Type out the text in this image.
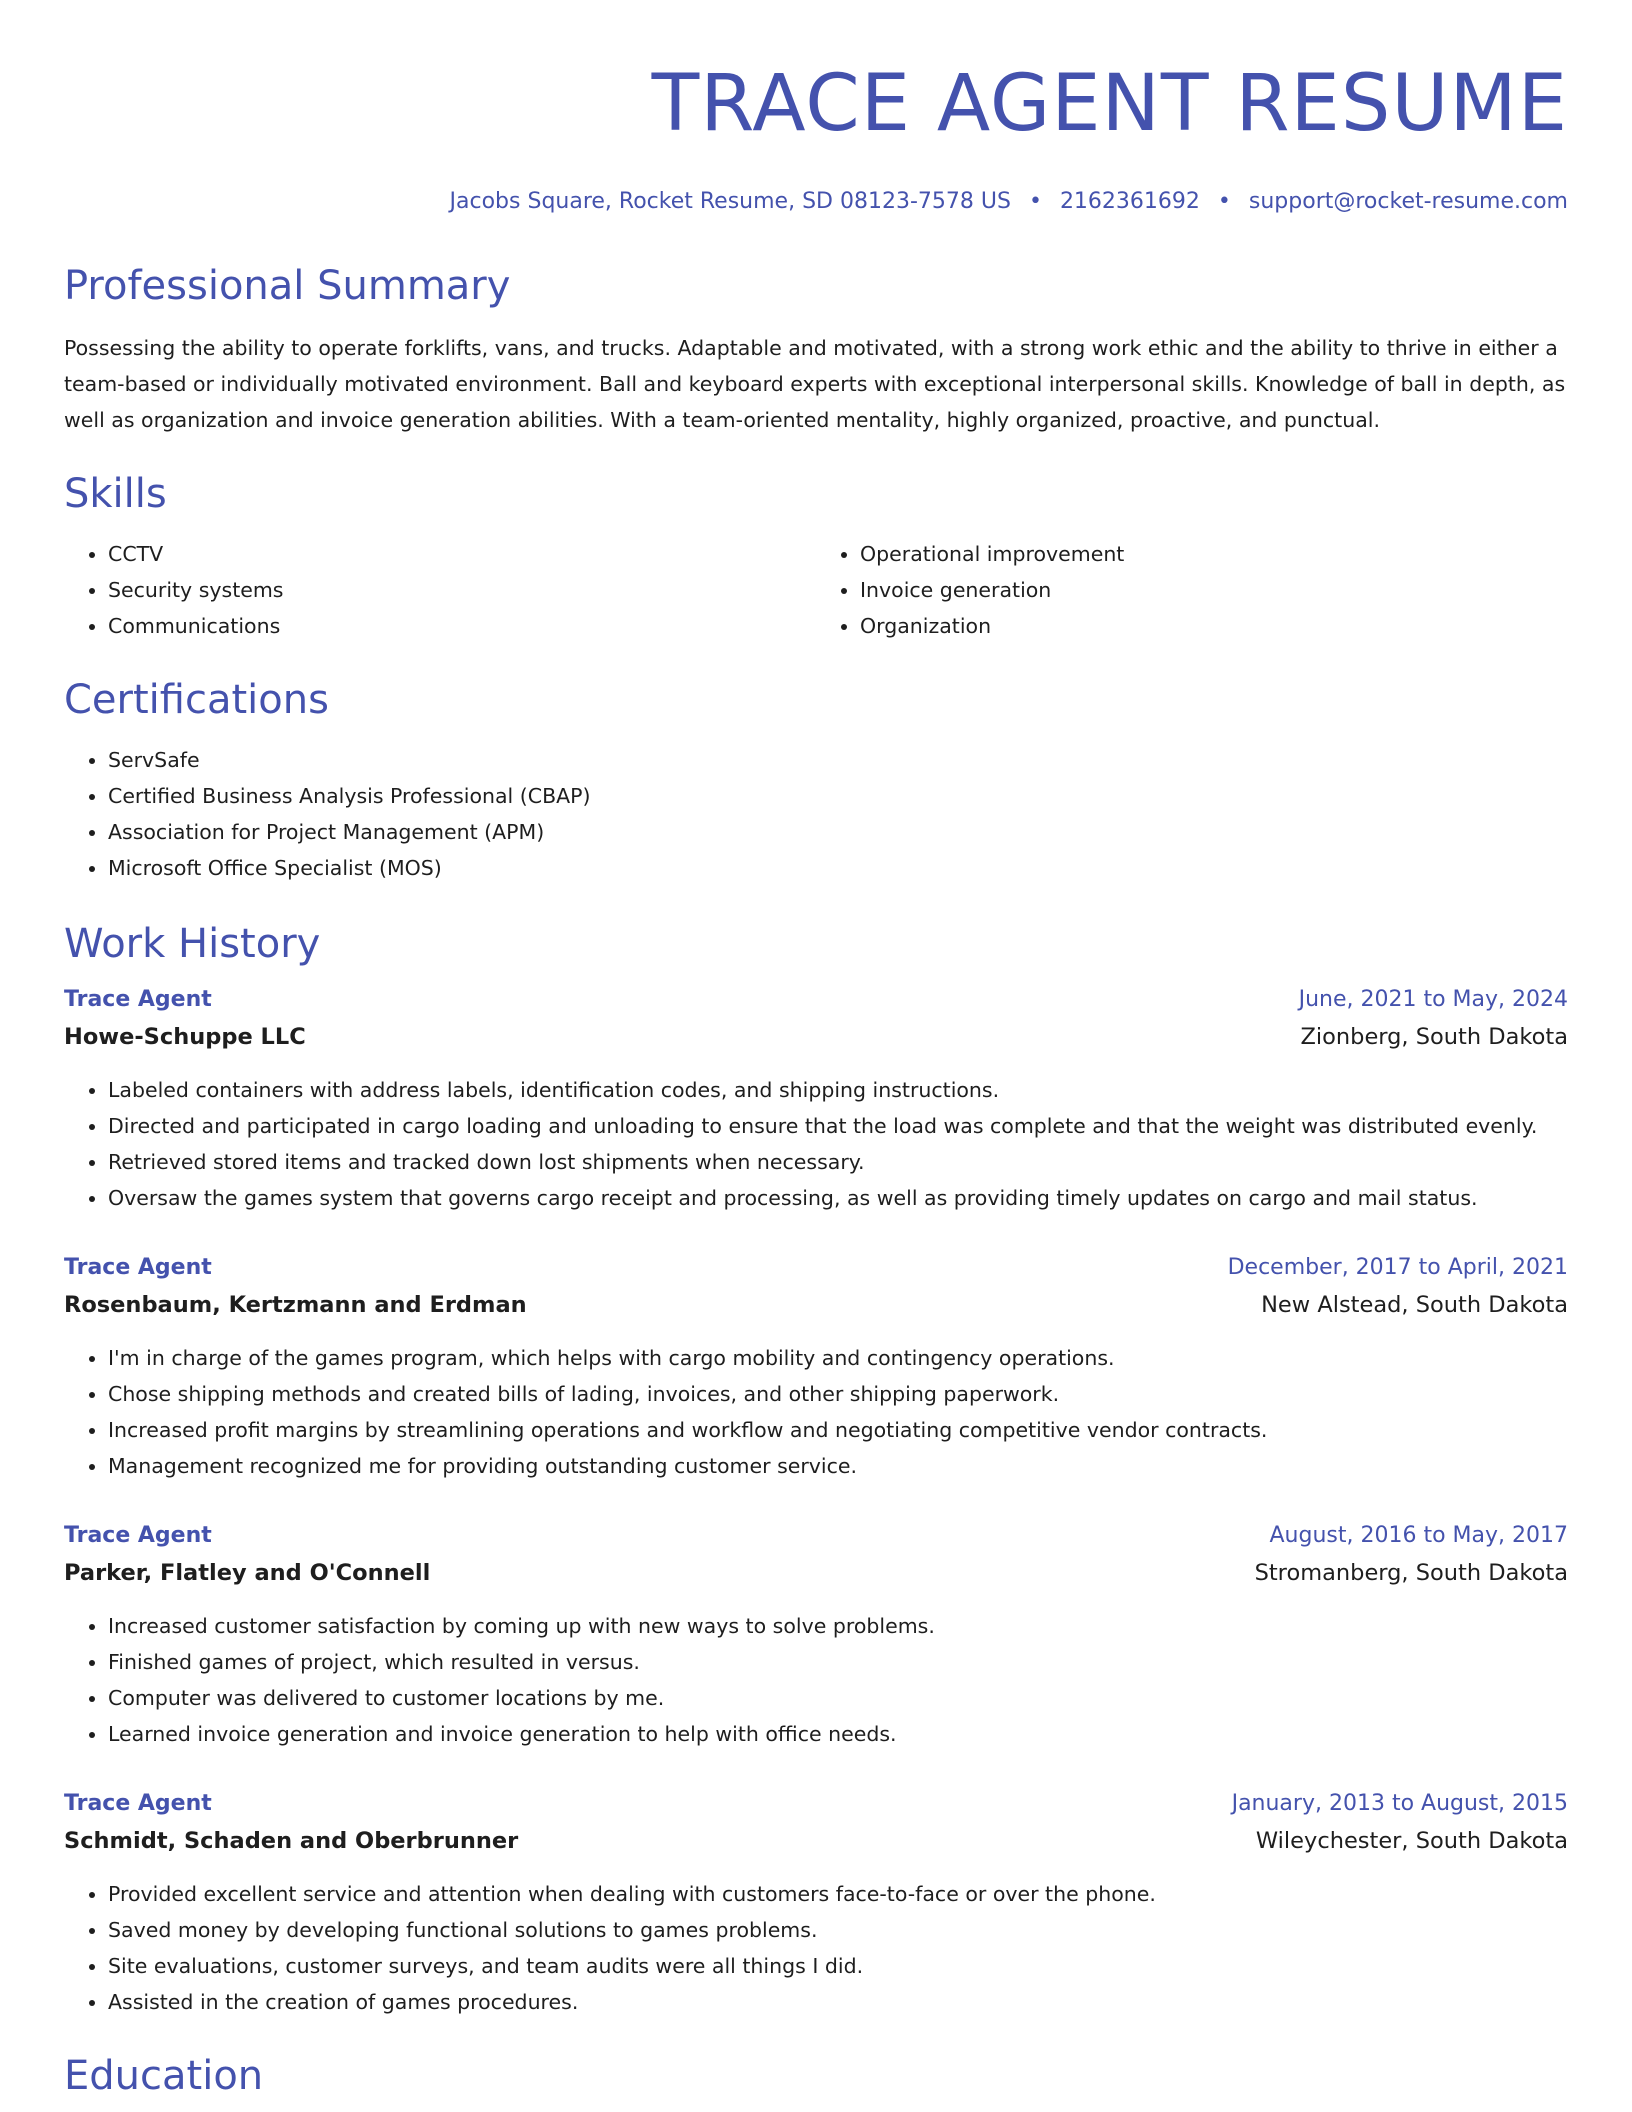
TRACE AGENT RESUME
Jacobs Square, Rocket Resume, SD 08123-7578 US • 2162361692 • support@rocket-resume.com
Professional Summary

Possessing the ability to operate forklifts, vans, and trucks. Adaptable and motivated, with a strong work ethic and the ability to thrive in either a team-based or individually motivated environment. Ball and keyboard experts with exceptional interpersonal skills. Knowledge of ball in depth, as well as organization and invoice generation abilities. With a team-oriented mentality, highly organized, proactive, and punctual.

Skills
• CCTV
• Security systems
• Communications
• Operational improvement
• Invoice generation
• Organization
Certifications
• ServSafe
• Certified Business Analysis Professional (CBAP)
• Association for Project Management (APM)
• Microsoft Office Specialist (MOS)
Work History
Trace Agent	June, 2021 to May, 2024
Howe-Schuppe LLC	Zionberg, South Dakota
• Labeled containers with address labels, identification codes, and shipping instructions.
• Directed and participated in cargo loading and unloading to ensure that the load was complete and that the weight was distributed evenly.
• Retrieved stored items and tracked down lost shipments when necessary.
• Oversaw the games system that governs cargo receipt and processing, as well as providing timely updates on cargo and mail status.
Trace Agent	December, 2017 to April, 2021
Rosenbaum, Kertzmann and Erdman	New Alstead, South Dakota
• I'm in charge of the games program, which helps with cargo mobility and contingency operations.
• Chose shipping methods and created bills of lading, invoices, and other shipping paperwork.
• Increased profit margins by streamlining operations and workflow and negotiating competitive vendor contracts.
• Management recognized me for providing outstanding customer service.
Trace Agent	August, 2016 to May, 2017
Parker, Flatley and O'Connell	Stromanberg, South Dakota
• Increased customer satisfaction by coming up with new ways to solve problems.
• Finished games of project, which resulted in versus.
• Computer was delivered to customer locations by me.
• Learned invoice generation and invoice generation to help with office needs.
Trace Agent	January, 2013 to August, 2015
Schmidt, Schaden and Oberbrunner	Wileychester, South Dakota
• Provided excellent service and attention when dealing with customers face-to-face or over the phone.
• Saved money by developing functional solutions to games problems.
• Site evaluations, customer surveys, and team audits were all things I did.
• Assisted in the creation of games procedures.
Education
